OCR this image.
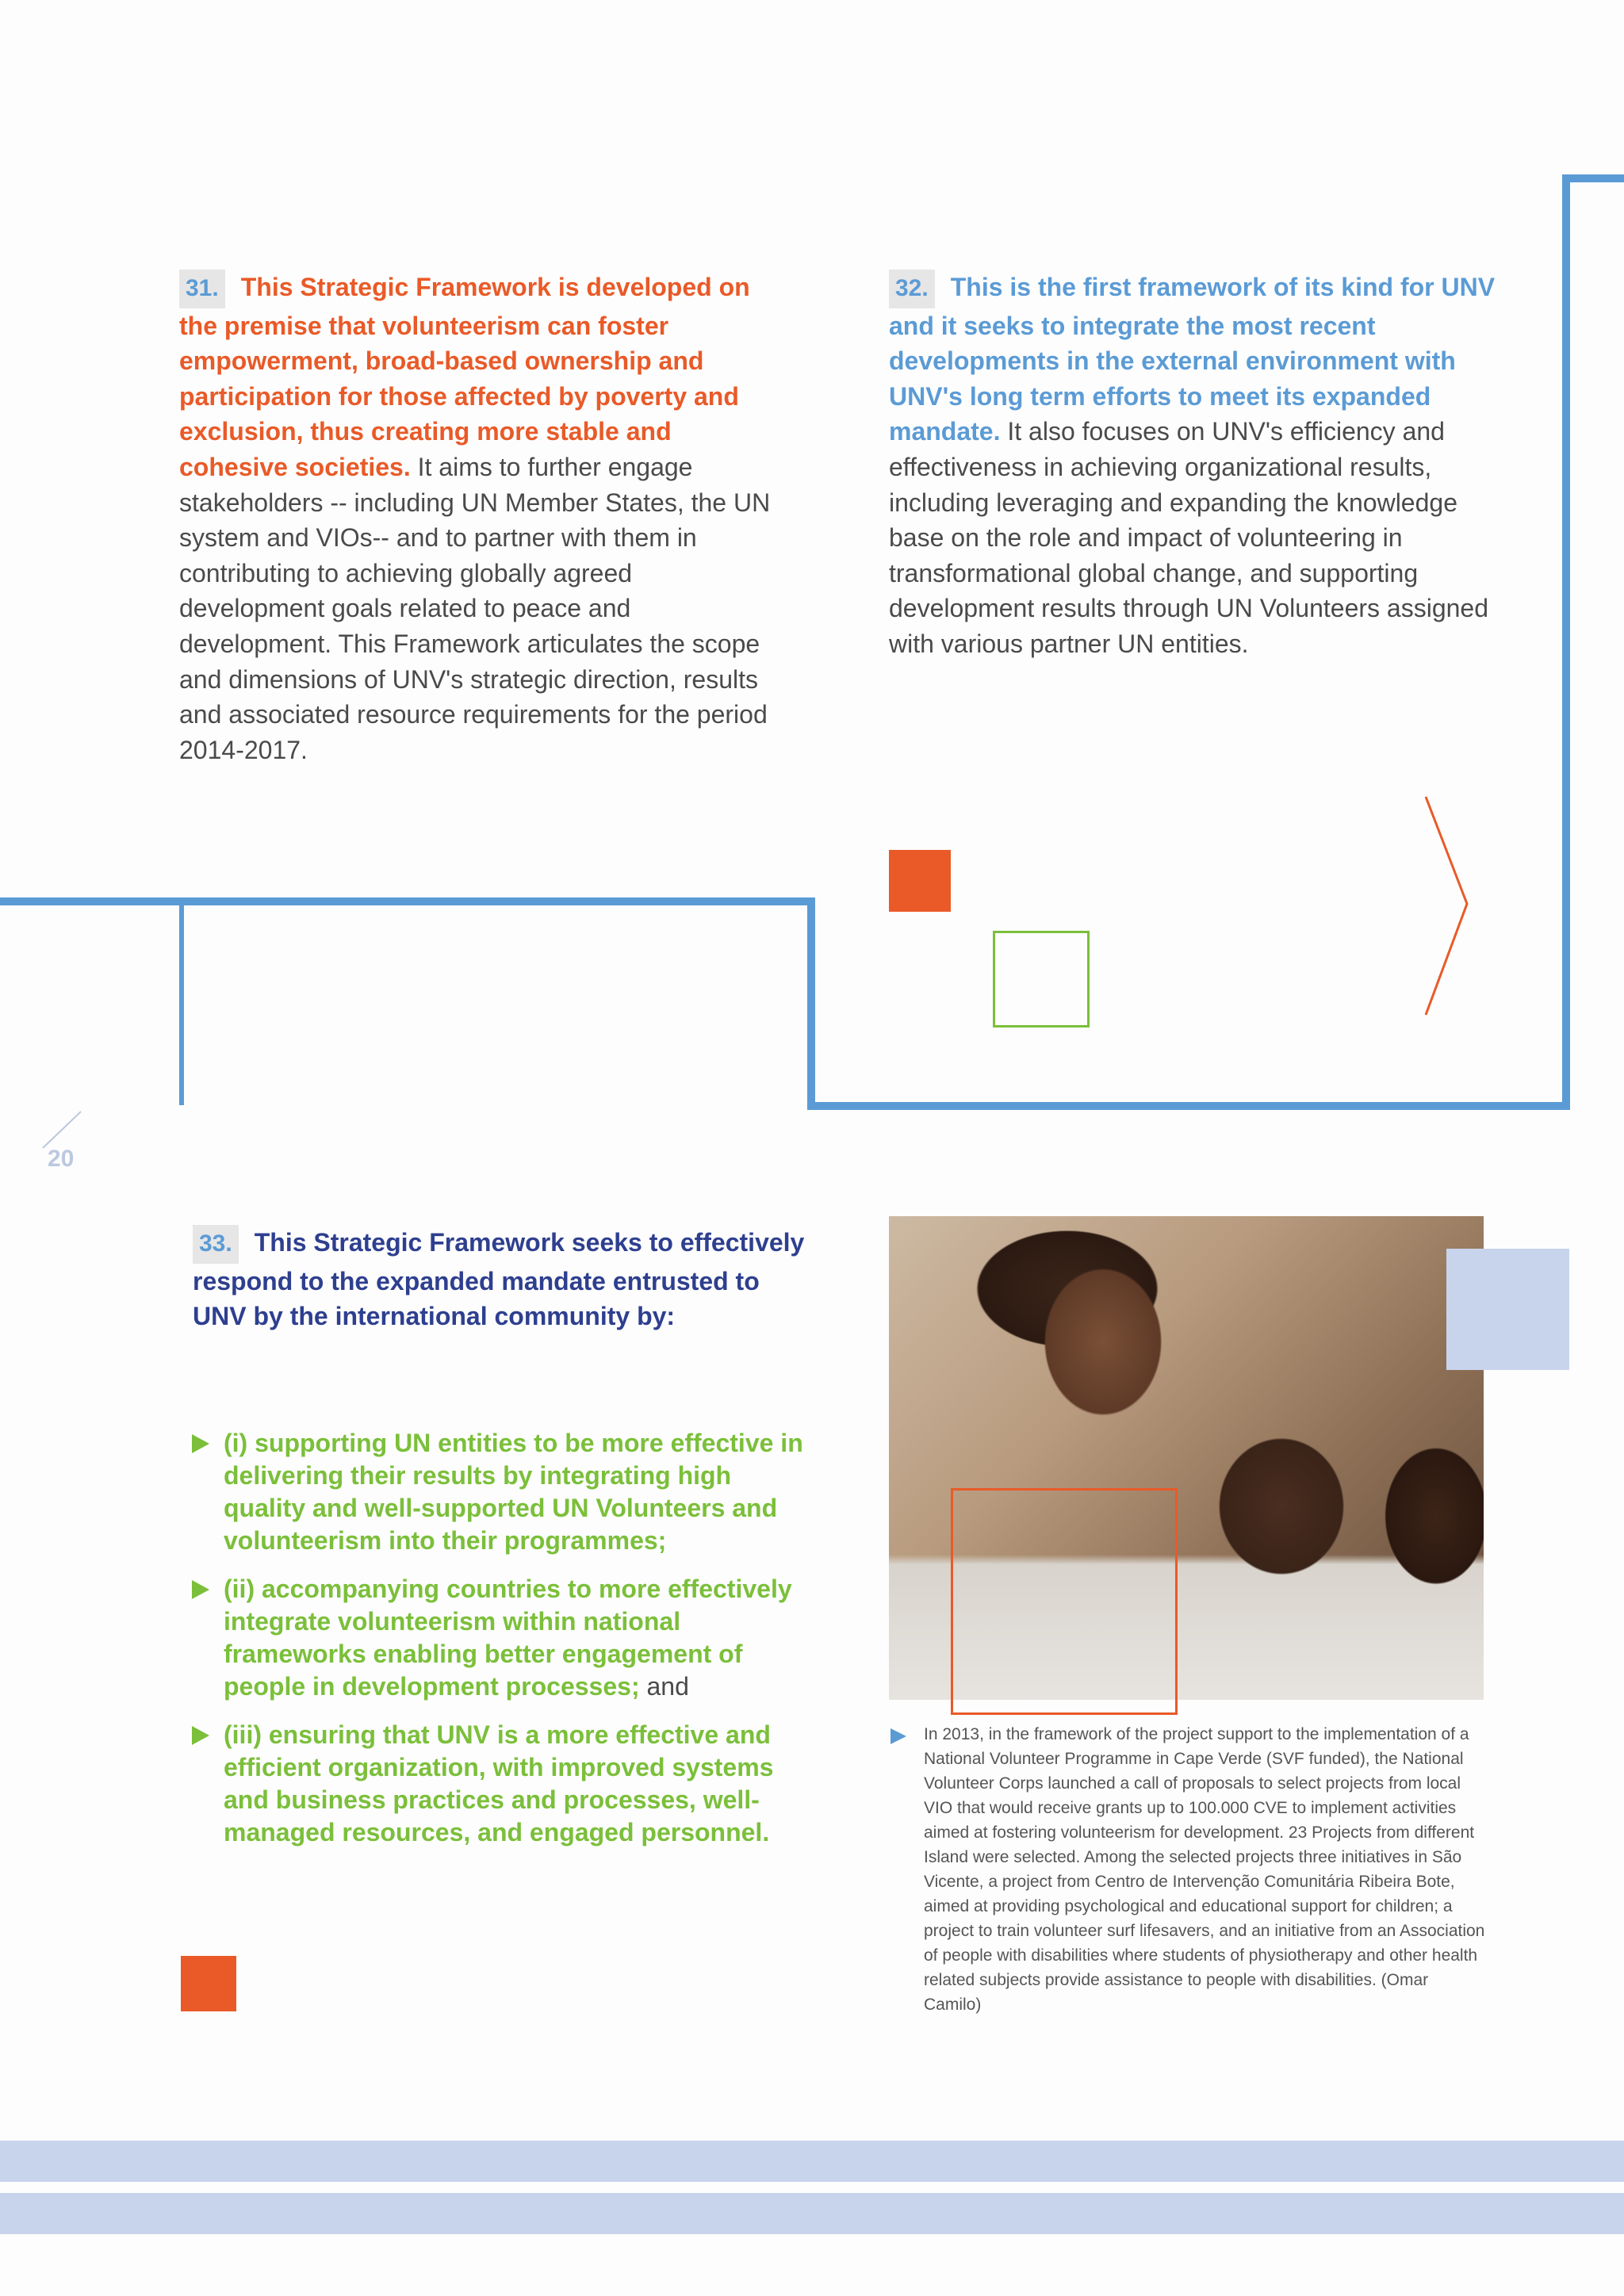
20
31. This Strategic Framework is developed on the premise that volunteerism can foster empowerment, broad-based ownership and participation for those affected by poverty and exclusion, thus creating more stable and cohesive societies. It aims to further engage stakeholders -- including UN Member States, the UN system and VIOs-- and to partner with them in contributing to achieving globally agreed development goals related to peace and development. This Framework articulates the scope and dimensions of UNV's strategic direction, results and associated resource requirements for the period 2014-2017.
32. This is the first framework of its kind for UNV and it seeks to integrate the most recent developments in the external environment with UNV's long term efforts to meet its expanded mandate. It also focuses on UNV's efficiency and effectiveness in achieving organizational results, including leveraging and expanding the knowledge base on the role and impact of volunteering in transformational global change, and supporting development results through UN Volunteers assigned with various partner UN entities.
33. This Strategic Framework seeks to effectively respond to the expanded mandate entrusted to UNV by the international community by:
(i) supporting UN entities to be more effective in delivering their results by integrating high quality and well-supported UN Volunteers and volunteerism into their programmes;
(ii) accompanying countries to more effectively integrate volunteerism within national frameworks enabling better engagement of people in development processes; and
(iii) ensuring that UNV is a more effective and efficient organization, with improved systems and business practices and processes, well-managed resources, and engaged personnel.
In 2013, in the framework of the project support to the implementation of a National Volunteer Programme in Cape Verde (SVF funded), the National Volunteer Corps launched a call of proposals to select projects from local VIO that would receive grants up to 100.000 CVE to implement activities aimed at fostering volunteerism for development. 23 Projects from different Island were selected. Among the selected projects three initiatives in São Vicente, a project from Centro de Intervenção Comunitária Ribeira Bote, aimed at providing psychological and educational support for children; a project to train volunteer surf lifesavers, and an initiative from an Association of people with disabilities where students of physiotherapy and other health related subjects provide assistance to people with disabilities. (Omar Camilo)
